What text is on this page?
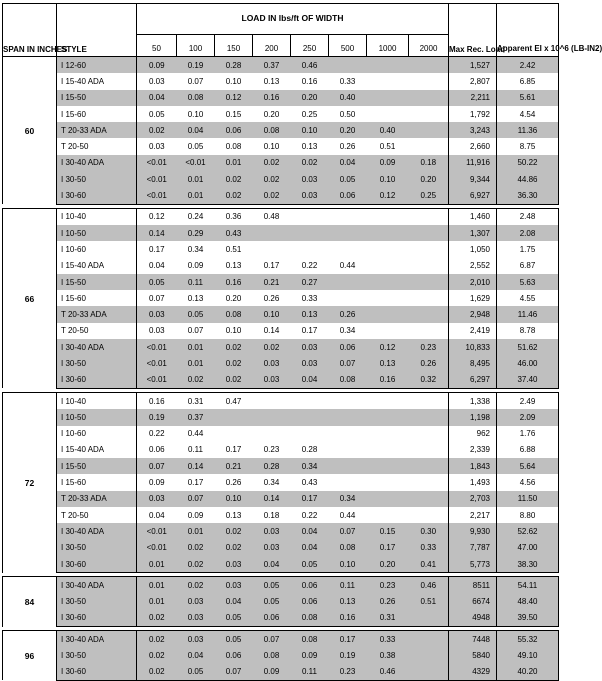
SPAN IN INCHES	STYLE	LOAD IN lbs/ft OF WIDTH								Max Rec. Load	Apparent EI x 10^6 (LB-IN2)
		50	100	150	200	250	500	1000	2000		
60	I 12-60	0.09	0.19	0.28	0.37	0.46				1,527	2.42
	I 15-40 ADA	0.03	0.07	0.10	0.13	0.16	0.33			2,807	6.85
	I 15-50	0.04	0.08	0.12	0.16	0.20	0.40			2,211	5.61
	I 15-60	0.05	0.10	0.15	0.20	0.25	0.50			1,792	4.54
	T 20-33 ADA	0.02	0.04	0.06	0.08	0.10	0.20	0.40		3,243	11.36
	T 20-50	0.03	0.05	0.08	0.10	0.13	0.26	0.51		2,660	8.75
	I 30-40 ADA	<0.01	<0.01	0.01	0.02	0.02	0.04	0.09	0.18	11,916	50.22
	I 30-50	<0.01	0.01	0.02	0.02	0.03	0.05	0.10	0.20	9,344	44.86
	I 30-60	<0.01	0.01	0.02	0.02	0.03	0.06	0.12	0.25	6,927	36.30

66	I 10-40	0.12	0.24	0.36	0.48					1,460	2.48
	I 10-50	0.14	0.29	0.43						1,307	2.08
	I 10-60	0.17	0.34	0.51						1,050	1.75
	I 15-40 ADA	0.04	0.09	0.13	0.17	0.22	0.44			2,552	6.87
	I 15-50	0.05	0.11	0.16	0.21	0.27				2,010	5.63
	I 15-60	0.07	0.13	0.20	0.26	0.33				1,629	4.55
	T 20-33 ADA	0.03	0.05	0.08	0.10	0.13	0.26			2,948	11.46
	T 20-50	0.03	0.07	0.10	0.14	0.17	0.34			2,419	8.78
	I 30-40 ADA	<0.01	0.01	0.02	0.02	0.03	0.06	0.12	0.23	10,833	51.62
	I 30-50	<0.01	0.01	0.02	0.03	0.03	0.07	0.13	0.26	8,495	46.00
	I 30-60	<0.01	0.02	0.02	0.03	0.04	0.08	0.16	0.32	6,297	37.40

72	I 10-40	0.16	0.31	0.47						1,338	2.49
	I 10-50	0.19	0.37							1,198	2.09
	I 10-60	0.22	0.44							962	1.76
	I 15-40 ADA	0.06	0.11	0.17	0.23	0.28				2,339	6.88
	I 15-50	0.07	0.14	0.21	0.28	0.34				1,843	5.64
	I 15-60	0.09	0.17	0.26	0.34	0.43				1,493	4.56
	T 20-33 ADA	0.03	0.07	0.10	0.14	0.17	0.34			2,703	11.50
	T 20-50	0.04	0.09	0.13	0.18	0.22	0.44			2,217	8.80
	I 30-40 ADA	<0.01	0.01	0.02	0.03	0.04	0.07	0.15	0.30	9,930	52.62
	I 30-50	<0.01	0.02	0.02	0.03	0.04	0.08	0.17	0.33	7,787	47.00
	I 30-60	0.01	0.02	0.03	0.04	0.05	0.10	0.20	0.41	5,773	38.30

84	I 30-40 ADA	0.01	0.02	0.03	0.05	0.06	0.11	0.23	0.46	8511	54.11
	I 30-50	0.01	0.03	0.04	0.05	0.06	0.13	0.26	0.51	6674	48.40
	I 30-60	0.02	0.03	0.05	0.06	0.08	0.16	0.31		4948	39.50

96	I 30-40 ADA	0.02	0.03	0.05	0.07	0.08	0.17	0.33		7448	55.32
	I 30-50	0.02	0.04	0.06	0.08	0.09	0.19	0.38		5840	49.10
	I 30-60	0.02	0.05	0.07	0.09	0.11	0.23	0.46		4329	40.20
